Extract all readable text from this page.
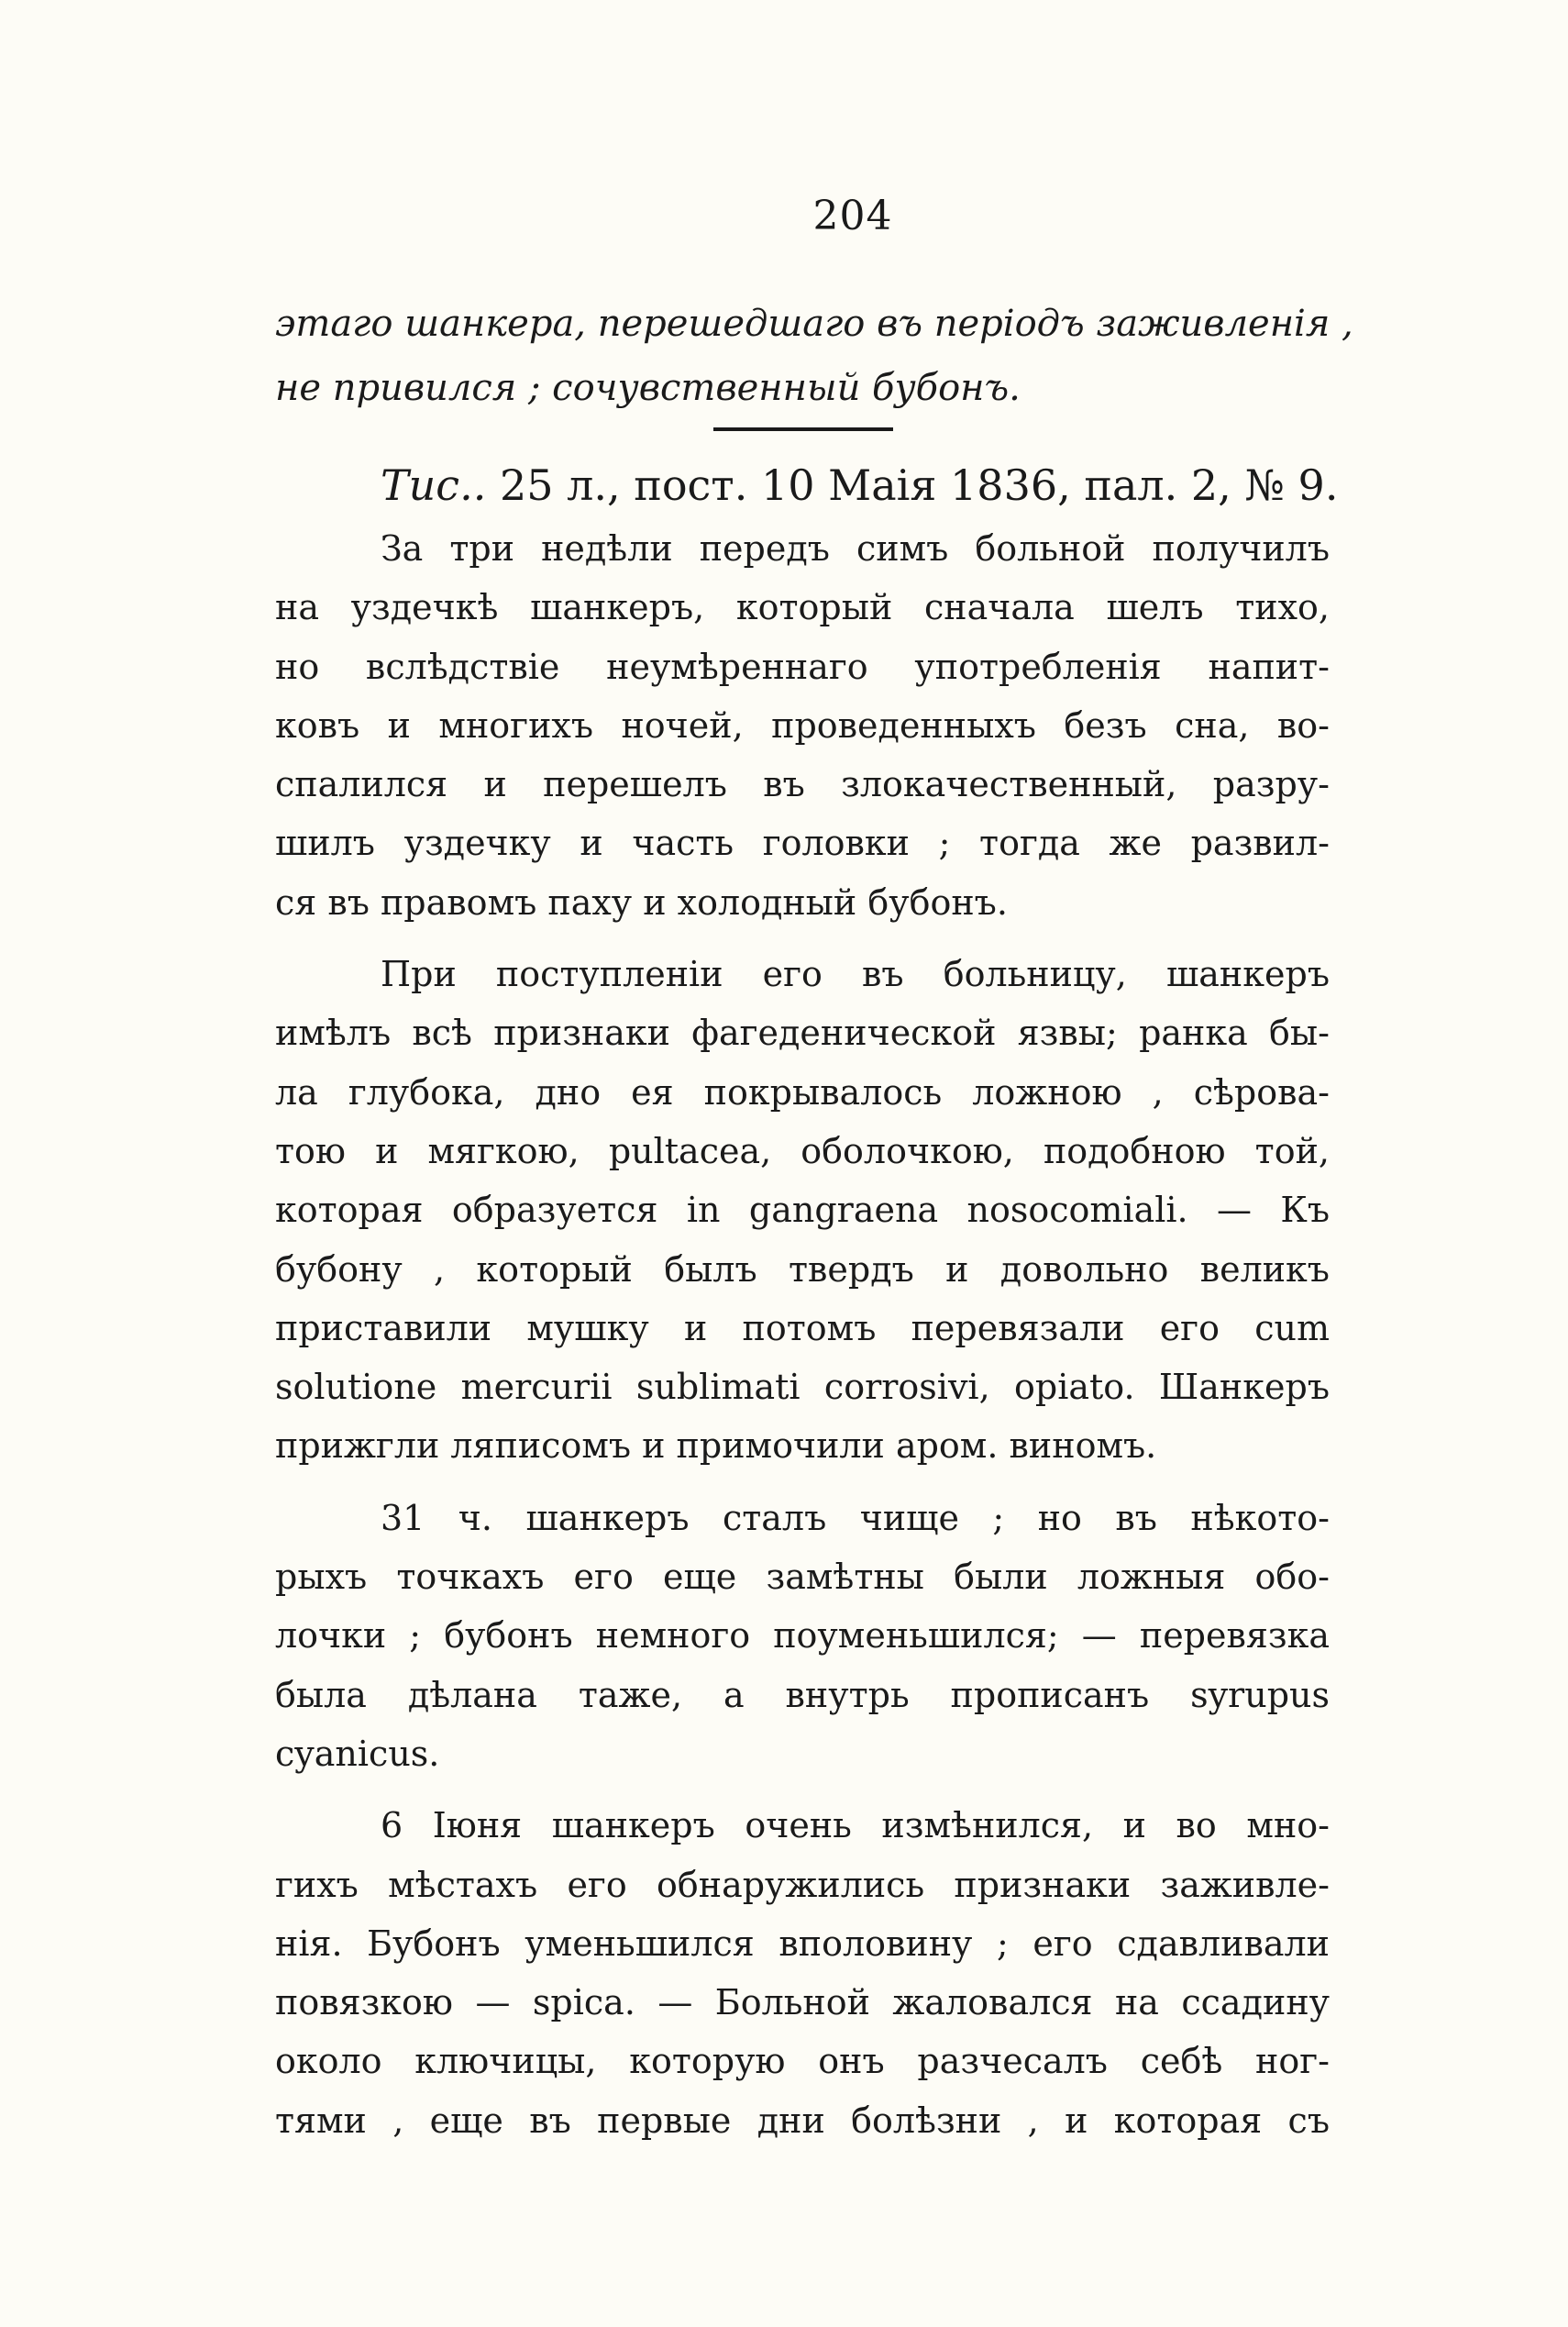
204
этаго шанкера, перешедшаго въ періодъ заживленія ,
не привился ; сочувственный бубонъ.
Тис.. 25 л., пост. 10 Маія 1836, пал. 2, № 9.

За три недѣли передъ симъ больной получилъ
на уздечкѣ шанкеръ, который сначала шелъ тихо,
но вслѣдствіе неумѣреннаго употребленія напит-
ковъ и многихъ ночей, проведенныхъ безъ сна, во-
спалился и перешелъ въ злокачественный, разру-
шилъ уздечку и часть головки ; тогда же развил-
ся въ правомъ паху и холодный бубонъ.

При поступленіи его въ больницу, шанкеръ
имѣлъ всѣ признаки фагеденической язвы; ранка бы-
ла глубока, дно ея покрывалось ложною , сѣрова-
тою и мягкою, pultacea, оболочкою, подобною той,
которая образуется in gangraena nosocomiali. — Къ
бубону , который былъ твердъ и довольно великъ
приставили мушку и потомъ перевязали его cum
solutione mercurii sublimati corrosivi, opiato. Шанкеръ
прижгли ляписомъ и примочили аром. виномъ.

31 ч. шанкеръ сталъ чище ; но въ нѣкото-
рыхъ точкахъ его еще замѣтны были ложныя обо-
лочки ; бубонъ немного поуменьшился; — перевязка
была дѣлана таже, а внутрь прописанъ syrupus
cyanicus.

6 Іюня шанкеръ очень измѣнился, и во мно-
гихъ мѣстахъ его обнаружились признаки заживле-
нія. Бубонъ уменьшился вполовину ; его сдавливали
повязкою — spica. — Больной жаловался на ссадину
около ключицы, которую онъ разчесалъ себѣ ног-
тями , еще въ первые дни болѣзни , и которая съ
